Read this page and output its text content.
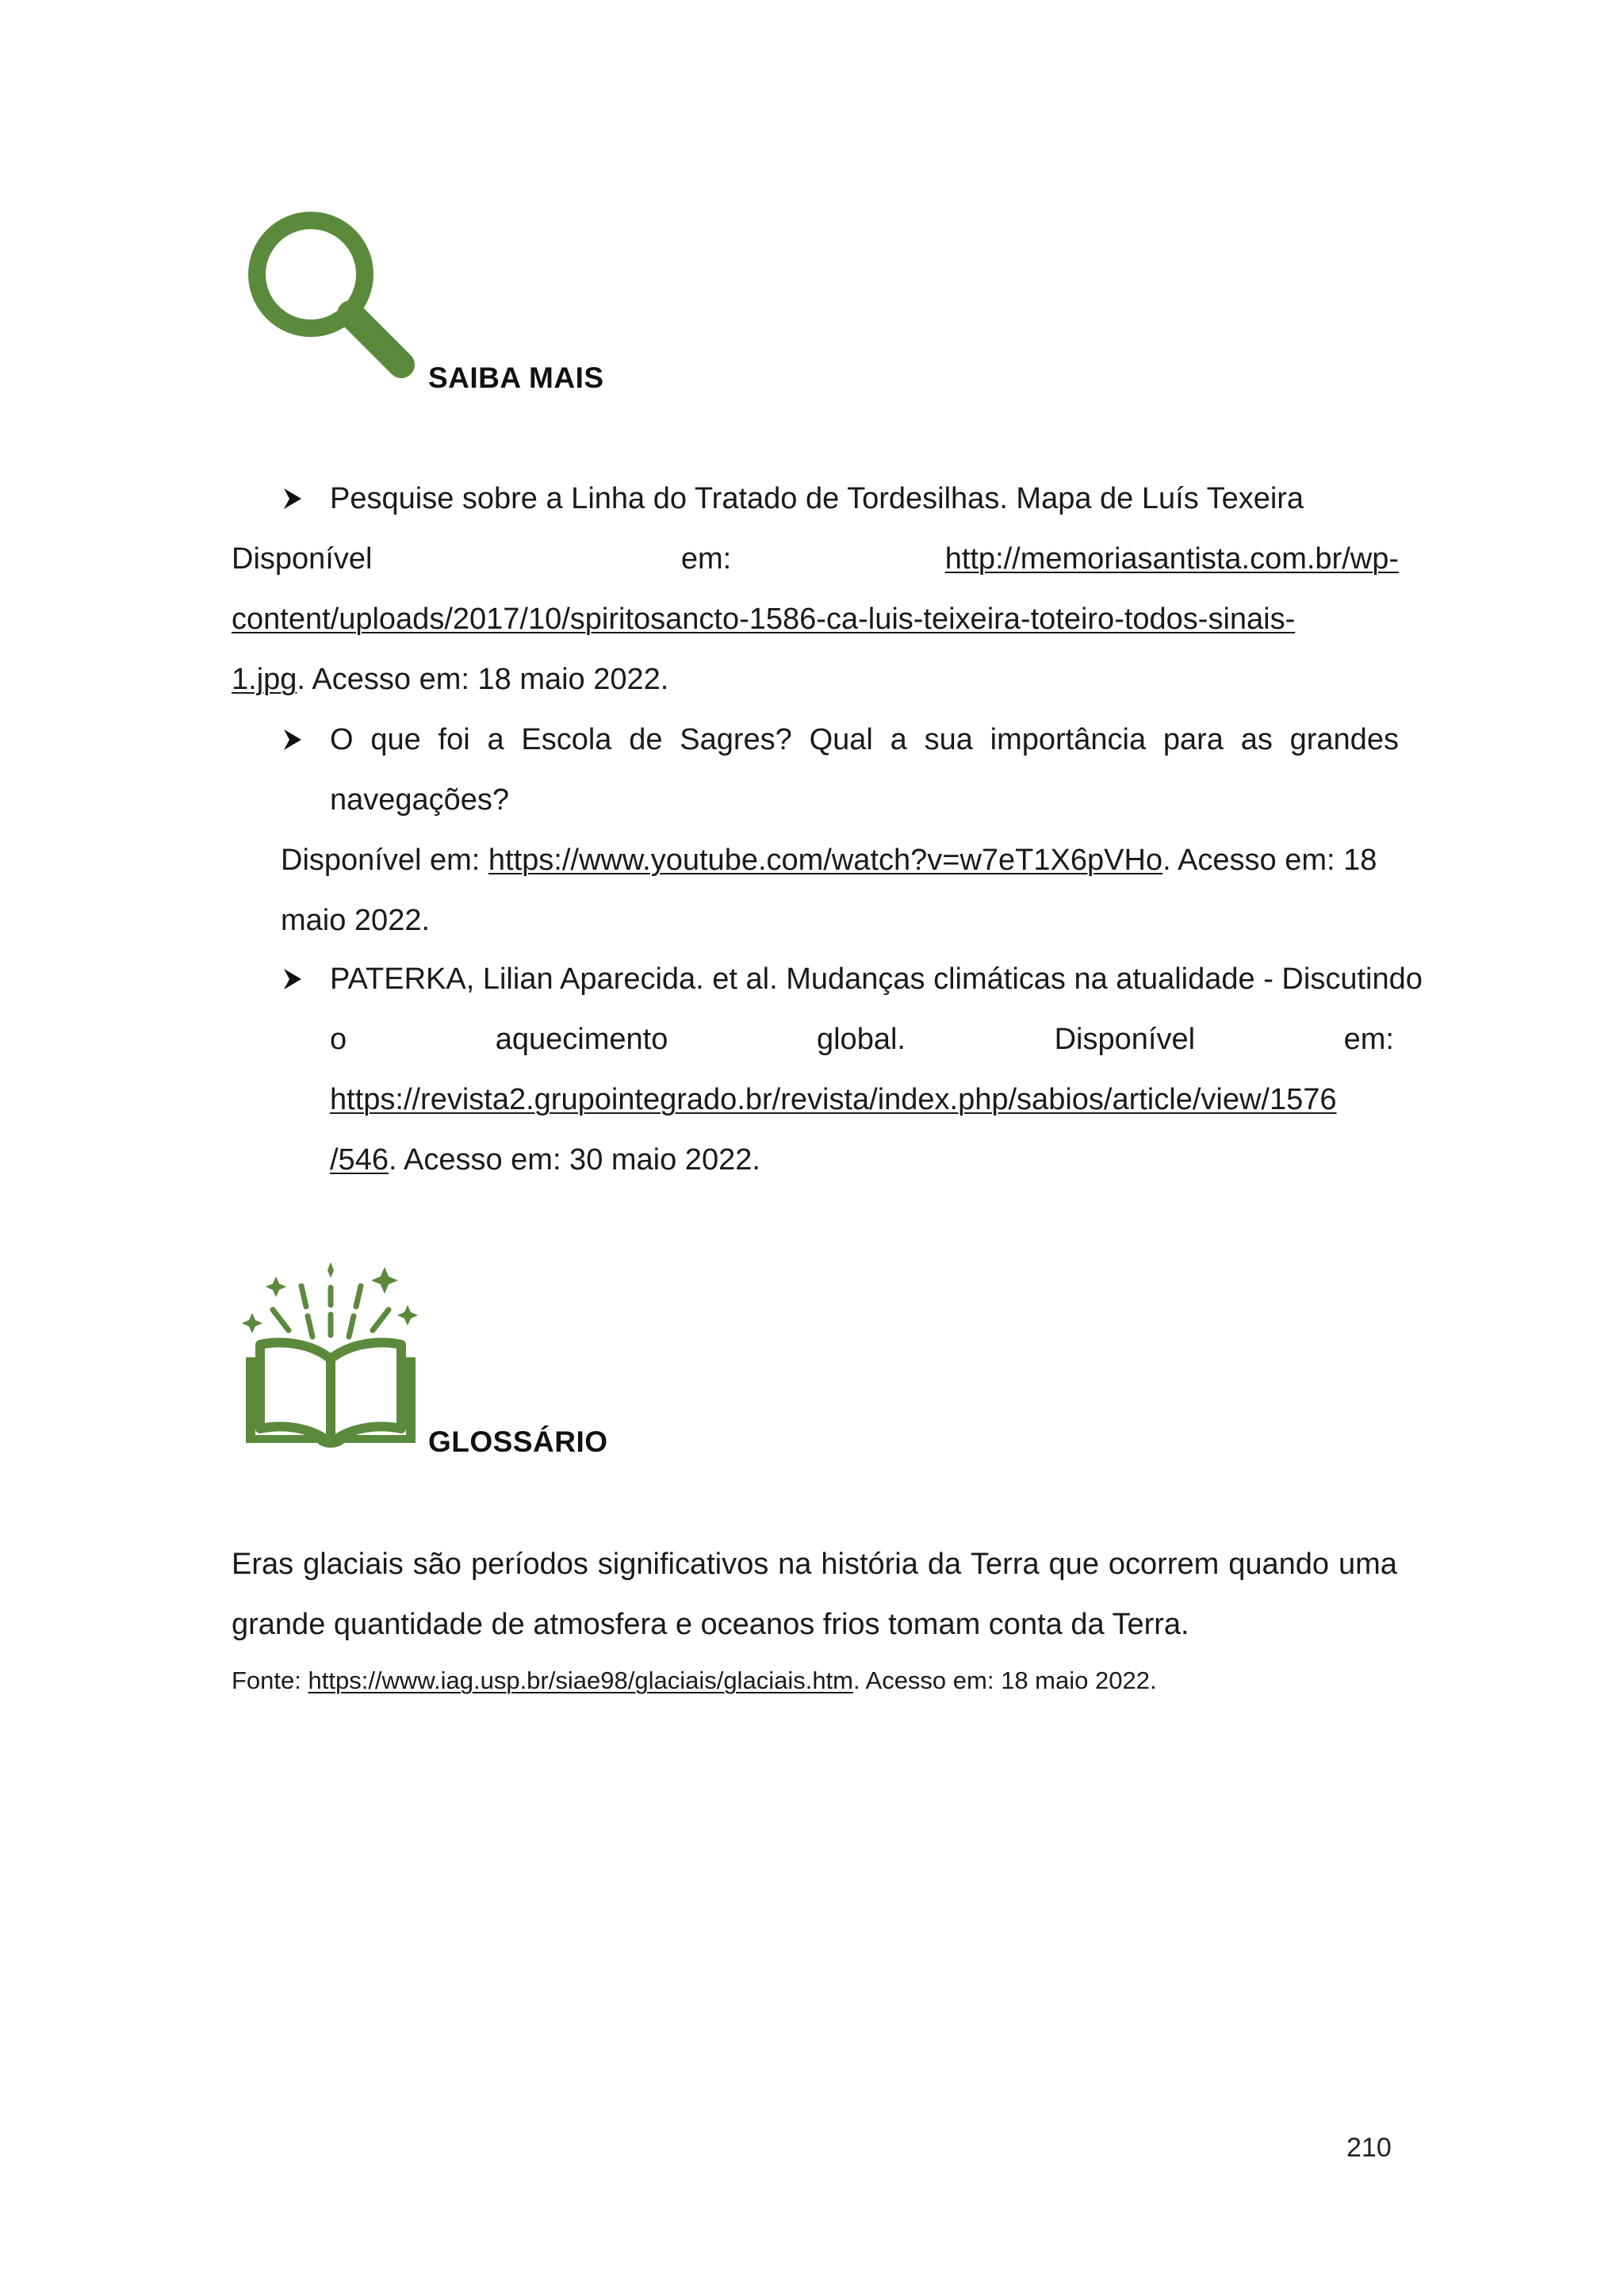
SAIBA MAIS
Pesquise sobre a Linha do Tratado de Tordesilhas. Mapa de Luís Texeira
Disponível	em:	http://memoriasantista.com.br/wp-
content/uploads/2017/10/spiritosancto-1586-ca-luis-teixeira-toteiro-todos-sinais-
1.jpg. Acesso em: 18 maio 2022.
O que foi a Escola de Sagres? Qual a sua importância para as grandes
navegações?
Disponível em: https://www.youtube.com/watch?v=w7eT1X6pVHo. Acesso em: 18
maio 2022.
PATERKA, Lilian Aparecida. et al. Mudanças climáticas na atualidade - Discutindo
o	aquecimento	global.	Disponível	em:
https://revista2.grupointegrado.br/revista/index.php/sabios/article/view/1576
/546. Acesso em: 30 maio 2022.
GLOSSÁRIO
Eras glaciais são períodos significativos na história da Terra que ocorrem quando uma
grande quantidade de atmosfera e oceanos frios tomam conta da Terra.
Fonte: https://www.iag.usp.br/siae98/glaciais/glaciais.htm. Acesso em: 18 maio 2022.
210
